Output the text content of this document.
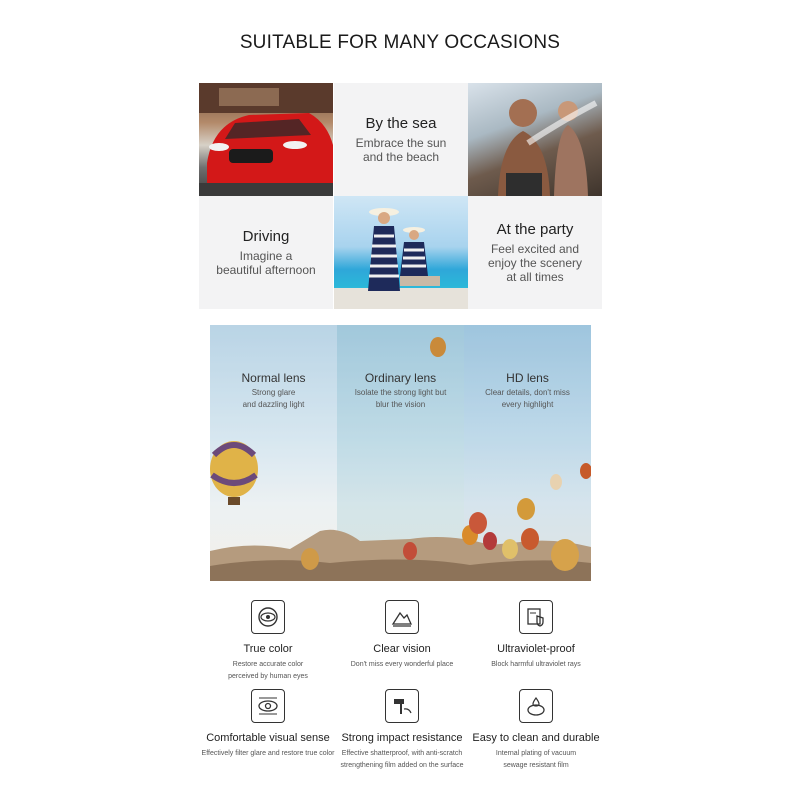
SUITABLE FOR MANY OCCASIONS
By the sea
Embrace the sun
and the beach
Driving
Imagine a
beautiful afternoon
At the party
Feel excited and
enjoy the scenery
at all times
Normal lens
Strong glare
and dazzling light
Ordinary lens
Isolate the strong light but
blur the vision
HD lens
Clear details, don't miss
every highlight
True color
Restore accurate color
perceived by human eyes
Clear vision
Don't miss every wonderful place
Ultraviolet-proof
Block harmful ultraviolet rays
Comfortable visual sense
Effectively filter glare and restore true color
Strong impact resistance
Effective shatterproof, with anti-scratch
strengthening film added on the surface
Easy to clean and durable
Internal plating of vacuum
sewage resistant film
